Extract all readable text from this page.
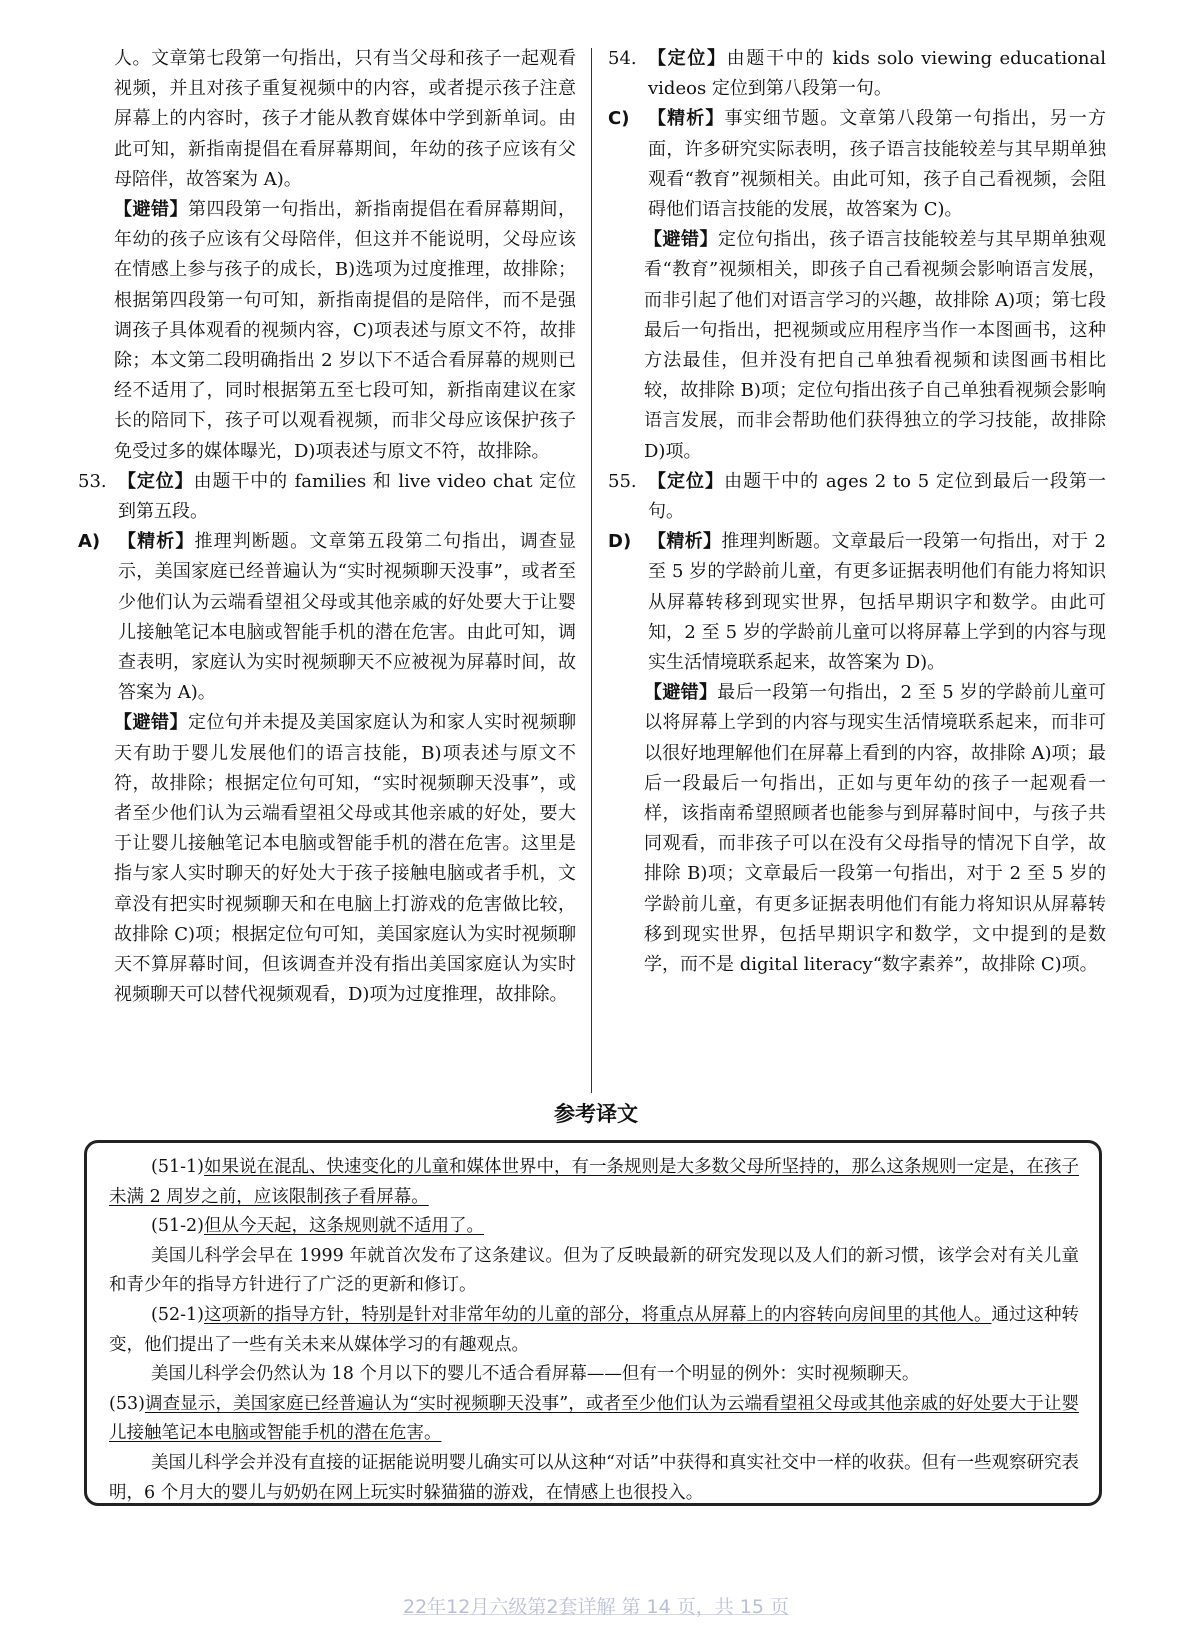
人。文章第七段第一句指出，只有当父母和孩子一起观看视频，并且对孩子重复视频中的内容，或者提示孩子注意屏幕上的内容时，孩子才能从教育媒体中学到新单词。由此可知，新指南提倡在看屏幕期间，年幼的孩子应该有父母陪伴，故答案为 A)。
【避错】第四段第一句指出，新指南提倡在看屏幕期间，年幼的孩子应该有父母陪伴，但这并不能说明，父母应该在情感上参与孩子的成长，B)选项为过度推理，故排除；根据第四段第一句可知，新指南提倡的是陪伴，而不是强调孩子具体观看的视频内容，C)项表述与原文不符，故排除；本文第二段明确指出 2 岁以下不适合看屏幕的规则已经不适用了，同时根据第五至七段可知，新指南建议在家长的陪同下，孩子可以观看视频，而非父母应该保护孩子免受过多的媒体曝光，D)项表述与原文不符，故排除。
53. 【定位】由题干中的 families 和 live video chat 定位到第五段。
A) 【精析】推理判断题。文章第五段第二句指出，调查显示，美国家庭已经普遍认为“实时视频聊天没事”，或者至少他们认为云端看望祖父母或其他亲戚的好处要大于让婴儿接触笔记本电脑或智能手机的潜在危害。由此可知，调查表明，家庭认为实时视频聊天不应被视为屏幕时间，故答案为 A)。
【避错】定位句并未提及美国家庭认为和家人实时视频聊天有助于婴儿发展他们的语言技能，B)项表述与原文不符，故排除；根据定位句可知，“实时视频聊天没事”，或者至少他们认为云端看望祖父母或其他亲戚的好处，要大于让婴儿接触笔记本电脑或智能手机的潜在危害。这里是指与家人实时聊天的好处大于孩子接触电脑或者手机，文章没有把实时视频聊天和在电脑上打游戏的危害做比较，故排除 C)项；根据定位句可知，美国家庭认为实时视频聊天不算屏幕时间，但该调查并没有指出美国家庭认为实时视频聊天可以替代视频观看，D)项为过度推理，故排除。
54. 【定位】由题干中的 kids solo viewing educational videos 定位到第八段第一句。
C)	【精析】事实细节题。文章第八段第一句指出，另一方面，许多研究实际表明，孩子语言技能较差与其早期单独观看“教育”视频相关。由此可知，孩子自己看视频，会阻碍他们语言技能的发展，故答案为 C)。
【避错】定位句指出，孩子语言技能较差与其早期单独观看“教育”视频相关，即孩子自己看视频会影响语言发展，而非引起了他们对语言学习的兴趣，故排除 A)项；第七段最后一句指出，把视频或应用程序当作一本图画书，这种方法最佳，但并没有把自己单独看视频和读图画书相比较，故排除 B)项；定位句指出孩子自己单独看视频会影响语言发展，而非会帮助他们获得独立的学习技能，故排除 D)项。
55. 【定位】由题干中的 ages 2 to 5 定位到最后一段第一句。
D) 【精析】推理判断题。文章最后一段第一句指出，对于 2 至 5 岁的学龄前儿童，有更多证据表明他们有能力将知识从屏幕转移到现实世界，包括早期识字和数学。由此可知，2 至 5 岁的学龄前儿童可以将屏幕上学到的内容与现实生活情境联系起来，故答案为 D)。
【避错】最后一段第一句指出，2 至 5 岁的学龄前儿童可以将屏幕上学到的内容与现实生活情境联系起来，而非可以很好地理解他们在屏幕上看到的内容，故排除 A)项；最后一段最后一句指出，正如与更年幼的孩子一起观看一样，该指南希望照顾者也能参与到屏幕时间中，与孩子共同观看，而非孩子可以在没有父母指导的情况下自学，故排除 B)项；文章最后一段第一句指出，对于 2 至 5 岁的学龄前儿童，有更多证据表明他们有能力将知识从屏幕转移到现实世界，包括早期识字和数学，文中提到的是数学，而不是 digital literacy“数字素养”，故排除 C)项。
参考译文

(51-1)如果说在混乱、快速变化的儿童和媒体世界中，有一条规则是大多数父母所坚持的，那么这条规则一定是，在孩子未满 2 周岁之前，应该限制孩子看屏幕。

(51-2)但从今天起，这条规则就不适用了。

美国儿科学会早在 1999 年就首次发布了这条建议。但为了反映最新的研究发现以及人们的新习惯，该学会对有关儿童和青少年的指导方针进行了广泛的更新和修订。

(52-1)这项新的指导方针，特别是针对非常年幼的儿童的部分，将重点从屏幕上的内容转向房间里的其他人。通过这种转变，他们提出了一些有关未来从媒体学习的有趣观点。

美国儿科学会仍然认为 18 个月以下的婴儿不适合看屏幕——但有一个明显的例外：实时视频聊天。

(53)调查显示，美国家庭已经普遍认为“实时视频聊天没事”，或者至少他们认为云端看望祖父母或其他亲戚的好处要大于让婴儿接触笔记本电脑或智能手机的潜在危害。

美国儿科学会并没有直接的证据能说明婴儿确实可以从这种“对话”中获得和真实社交中一样的收获。但有一些观察研究表明，6 个月大的婴儿与奶奶在网上玩实时躲猫猫的游戏，在情感上也很投入。

22年12月六级第2套详解 第 14 页，共 15 页
